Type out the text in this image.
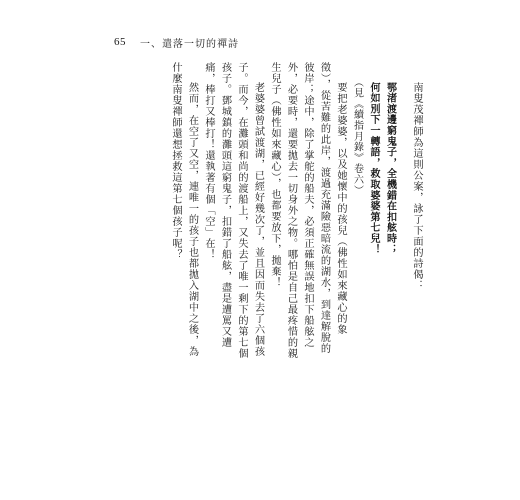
65 一、遣落一切的禪詩

南叟茂禪師為這則公案，詠了下面的詩偈：

鄂渚渡邊窮鬼子，全機錯在扣舷時；

何如別下一轉語，救取婆婆第七兒！

（見《續指月錄》卷六）

要把老婆婆，以及她懷中的孩兒（佛性如來藏心的象徵），從苦難的此岸，渡過充滿險惡暗流的湖水，到達解脫的彼岸；途中，除了掌舵的船夫，必須正確無誤地扣下船舷之外，必要時，還要拋去一切身外之物。哪怕是自己最疼惜的親生兒子（佛性如來藏心），也都要放下，拋棄！

老婆婆曾試渡湖，已經好幾次了，並且因而失去了六個孩子。而今，在灘頭和尚的渡船上，又失去了唯一剩下的第七個孩子。鄧城鎮的灘頭這窮鬼子，扣錯了船舷，盡是遭罵又遭痛，棒打又棒打！還執著有個「空」在！

然而，在空了又空，連唯一的孩子也都拋入湖中之後，為什麼南叟禪師還想拯救這第七個孩子呢？
